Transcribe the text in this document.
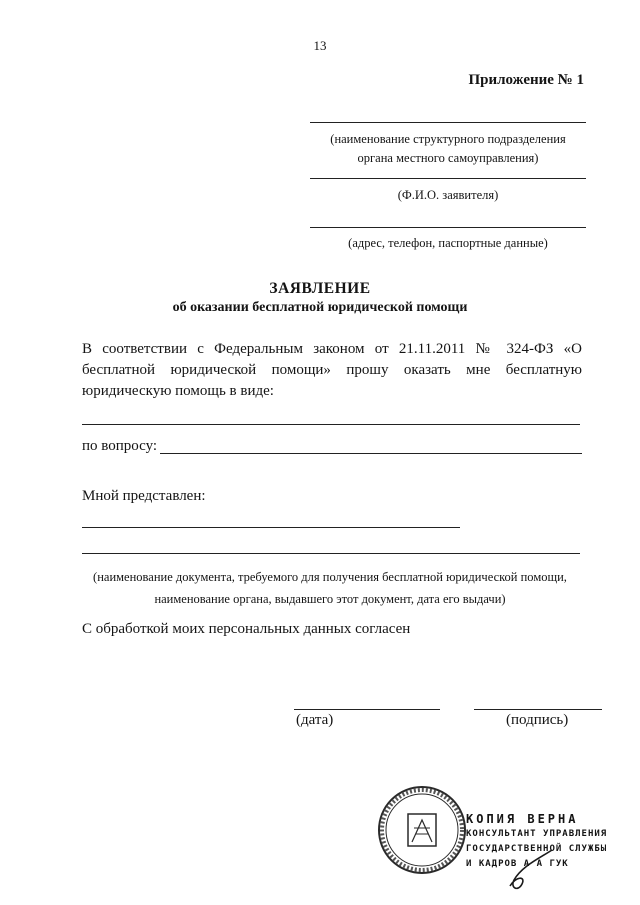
13
Приложение № 1
(наименование структурного подразделения
органа местного самоуправления)
(Ф.И.О. заявителя)
(адрес, телефон, паспортные данные)
ЗАЯВЛЕНИЕ
об оказании бесплатной юридической помощи

В соответствии с Федеральным законом от 21.11.2011 № 324-ФЗ «О бесплатной юридической помощи» прошу оказать мне бесплатную юридическую помощь в виде:

по вопросу:
Мной представлен:
(наименование документа, требуемого для получения бесплатной юридической помощи,
наименование органа, выдавшего этот документ, дата его выдачи)
С обработкой моих персональных данных согласен
(дата)	(подпись)
КОПИЯ ВЕРНА
КОНСУЛЬТАНТ УПРАВЛЕНИЯ
ГОСУДАРСТВЕННОЙ СЛУЖБЫ
И КАДРОВ А А ГУК
